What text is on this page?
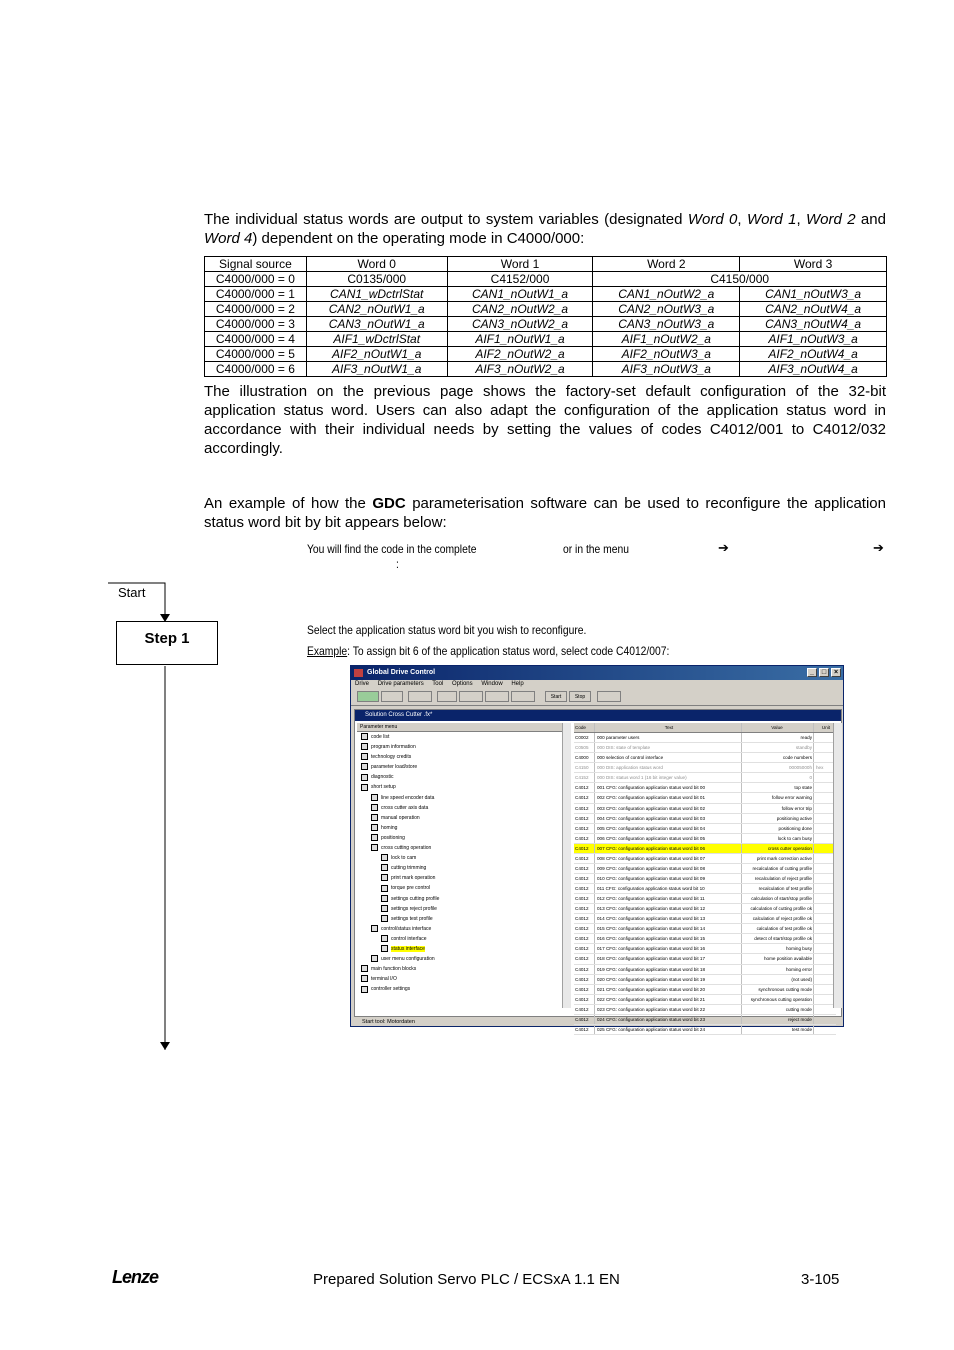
The individual status words are output to system variables (designated Word 0, Word 1, Word 2 and Word 4) dependent on the operating mode in C4000/000:
Signal source	Word 0	Word 1	Word 2	Word 3
C4000/000 = 0	C0135/000	C4152/000	C4150/000	
C4000/000 = 1	CAN1_wDctrlStat	CAN1_nOutW1_a	CAN1_nOutW2_a	CAN1_nOutW3_a
C4000/000 = 2	CAN2_nOutW1_a	CAN2_nOutW2_a	CAN2_nOutW3_a	CAN2_nOutW4_a
C4000/000 = 3	CAN3_nOutW1_a	CAN3_nOutW2_a	CAN3_nOutW3_a	CAN3_nOutW4_a
C4000/000 = 4	AIF1_wDctrlStat	AIF1_nOutW1_a	AIF1_nOutW2_a	AIF1_nOutW3_a
C4000/000 = 5	AIF2_nOutW1_a	AIF2_nOutW2_a	AIF2_nOutW3_a	AIF2_nOutW4_a
C4000/000 = 6	AIF3_nOutW1_a	AIF3_nOutW2_a	AIF3_nOutW3_a	AIF3_nOutW4_a
The illustration on the previous page shows the factory-set default configuration of the 32-bit application status word. Users can also adapt the configuration of the application status word in accordance with their individual needs by setting the values of codes C4012/001 to C4012/032 accordingly.
An example of how the GDC parameterisation software can be used to reconfigure the application status word bit by bit appears below:
You will find the code in the complete	or in the menu	➔	➔
:
Start
Step 1	Select the application status word bit you wish to reconfigure.
Example: To assign bit 6 of the application status word, select code C4012/007:
Global Drive Control	_	□	×
Drive Drive parameters Tool Options Window Help
Start	Stop
Solution Cross Cutter .fx*
Parameter menu
code list
program information
technology credits
parameter load/store
diagnostic
short setup
line speed encoder data
cross cutter axis data
manual operation
homing
positioning
cross cutting operation
lock to cam
cutting trimming
print mark operation
torque pre control
settings cutting profile
settings reject profile
settings test profile
control/status interface
control interface
status interface
user menu configuration
main function blocks
terminal I/O
controller settings
Code	Text	Value	Unit
C0002	000 parameter users	ready
C0505	000 DIS: state of template	standby
C4000	000 selection of control interface	code numbers
C4150	000 DIS: application status word	00005000h hex
C4152	000 DIS: status word 1 (16 bit integer value)	0
C4012	001 CFG: configuration application status word bit 00	top state
C4012	002 CFG: configuration application status word bit 01	follow error warning
C4012	003 CFG: configuration application status word bit 02	follow error trip
C4012	004 CFG: configuration application status word bit 03	positioning active
C4012	005 CFG: configuration application status word bit 04	positioning done
C4012	006 CFG: configuration application status word bit 05	lock to cam busy
C4012	007 CFG: configuration application status word bit 06	cross cutter operation
C4012	008 CFG: configuration application status word bit 07	print mark correction active
C4012	009 CFG: configuration application status word bit 08	recalculation of cutting profile
C4012	010 CFG: configuration application status word bit 09	recalculation of reject profile
C4012	011 CFG: configuration application status word bit 10	recalculation of test profile
C4012	012 CFG: configuration application status word bit 11	calculation of start/stop profile
C4012	013 CFG: configuration application status word bit 12	calculation of cutting profile ok
C4012	014 CFG: configuration application status word bit 13	calculation of reject profile ok
C4012	015 CFG: configuration application status word bit 14	calculation of test profile ok
C4012	016 CFG: configuration application status word bit 15	detect of start/stop profile ok
C4012	017 CFG: configuration application status word bit 16	homing busy
C4012	018 CFG: configuration application status word bit 17	home position available
C4012	019 CFG: configuration application status word bit 18	homing error
C4012	020 CFG: configuration application status word bit 19	(not used)
C4012	021 CFG: configuration application status word bit 20	synchronous cutting mode
C4012	022 CFG: configuration application status word bit 21	synchronous cutting operation
C4012	023 CFG: configuration application status word bit 22	cutting mode
C4012	024 CFG: configuration application status word bit 23	reject mode
C4012	025 CFG: configuration application status word bit 24	test mode
Start tool: Motordaten
Lenze	Prepared Solution Servo PLC / ECSxA 1.1 EN	3-105
